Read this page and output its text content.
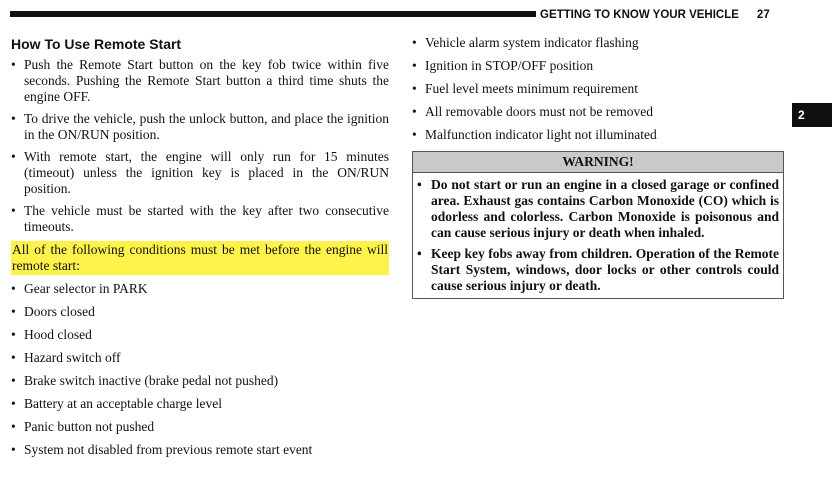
GETTING TO KNOW YOUR VEHICLE 27
2
How To Use Remote Start
• Push the Remote Start button on the key fob twice within five seconds. Pushing the Remote Start button a third time shuts the engine OFF.
• To drive the vehicle, push the unlock button, and place the ignition in the ON/RUN position.
• With remote start, the engine will only run for 15 minutes (timeout) unless the ignition key is placed in the ON/RUN position.
• The vehicle must be started with the key after two consecutive timeouts.
All of the following conditions must be met before the engine will remote start:
• Gear selector in PARK
• Doors closed
• Hood closed
• Hazard switch off
• Brake switch inactive (brake pedal not pushed)
• Battery at an acceptable charge level
• Panic button not pushed
• System not disabled from previous remote start event
• Vehicle alarm system indicator flashing
• Ignition in STOP/OFF position
• Fuel level meets minimum requirement
• All removable doors must not be removed
• Malfunction indicator light not illuminated
WARNING!
• Do not start or run an engine in a closed garage or confined area. Exhaust gas contains Carbon Monoxide (CO) which is odorless and colorless. Carbon Monoxide is poisonous and can cause serious injury or death when inhaled.
• Keep key fobs away from children. Operation of the Remote Start System, windows, door locks or other controls could cause serious injury or death.
